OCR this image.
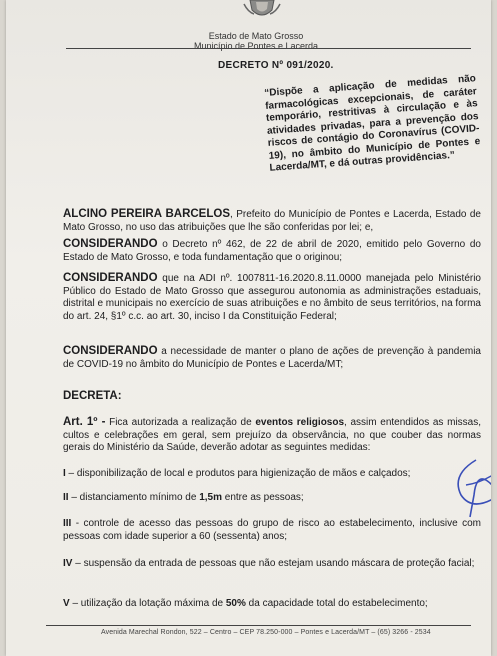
Estado de Mato Grosso
Município de Pontes e Lacerda
DECRETO Nº 091/2020.
“Dispõe a aplicação de medidas não farmacológicas excepcionais, de caráter temporário, restritivas à circulação e às atividades privadas, para a prevenção dos riscos de contágio do Coronavírus (COVID-19), no âmbito do Município de Pontes e Lacerda/MT, e dá outras providências.”
ALCINO PEREIRA BARCELOS, Prefeito do Município de Pontes e Lacerda, Estado de Mato Grosso, no uso das atribuições que lhe são conferidas por lei; e,
CONSIDERANDO o Decreto nº 462, de 22 de abril de 2020, emitido pelo Governo do Estado de Mato Grosso, e toda fundamentação que o originou;
CONSIDERANDO que na ADI nº. 1007811-16.2020.8.11.0000 manejada pelo Ministério Público do Estado de Mato Grosso que assegurou autonomia as administrações estaduais, distrital e municipais no exercício de suas atribuições e no âmbito de seus territórios, na forma do art. 24, §1º c.c. ao art. 30, inciso I da Constituição Federal;
CONSIDERANDO a necessidade de manter o plano de ações de prevenção à pandemia de COVID-19 no âmbito do Município de Pontes e Lacerda/MT;
DECRETA:
Art. 1º - Fica autorizada a realização de eventos religiosos, assim entendidos as missas, cultos e celebrações em geral, sem prejuízo da observância, no que couber das normas gerais do Ministério da Saúde, deverão adotar as seguintes medidas:
I – disponibilização de local e produtos para higienização de mãos e calçados;
II – distanciamento mínimo de 1,5m entre as pessoas;
III - controle de acesso das pessoas do grupo de risco ao estabelecimento, inclusive com pessoas com idade superior a 60 (sessenta) anos;
IV – suspensão da entrada de pessoas que não estejam usando máscara de proteção facial;
V – utilização da lotação máxima de 50% da capacidade total do estabelecimento;
Avenida Marechal Rondon, 522 – Centro – CEP 78.250-000 – Pontes e Lacerda/MT – (65) 3266 - 2534
